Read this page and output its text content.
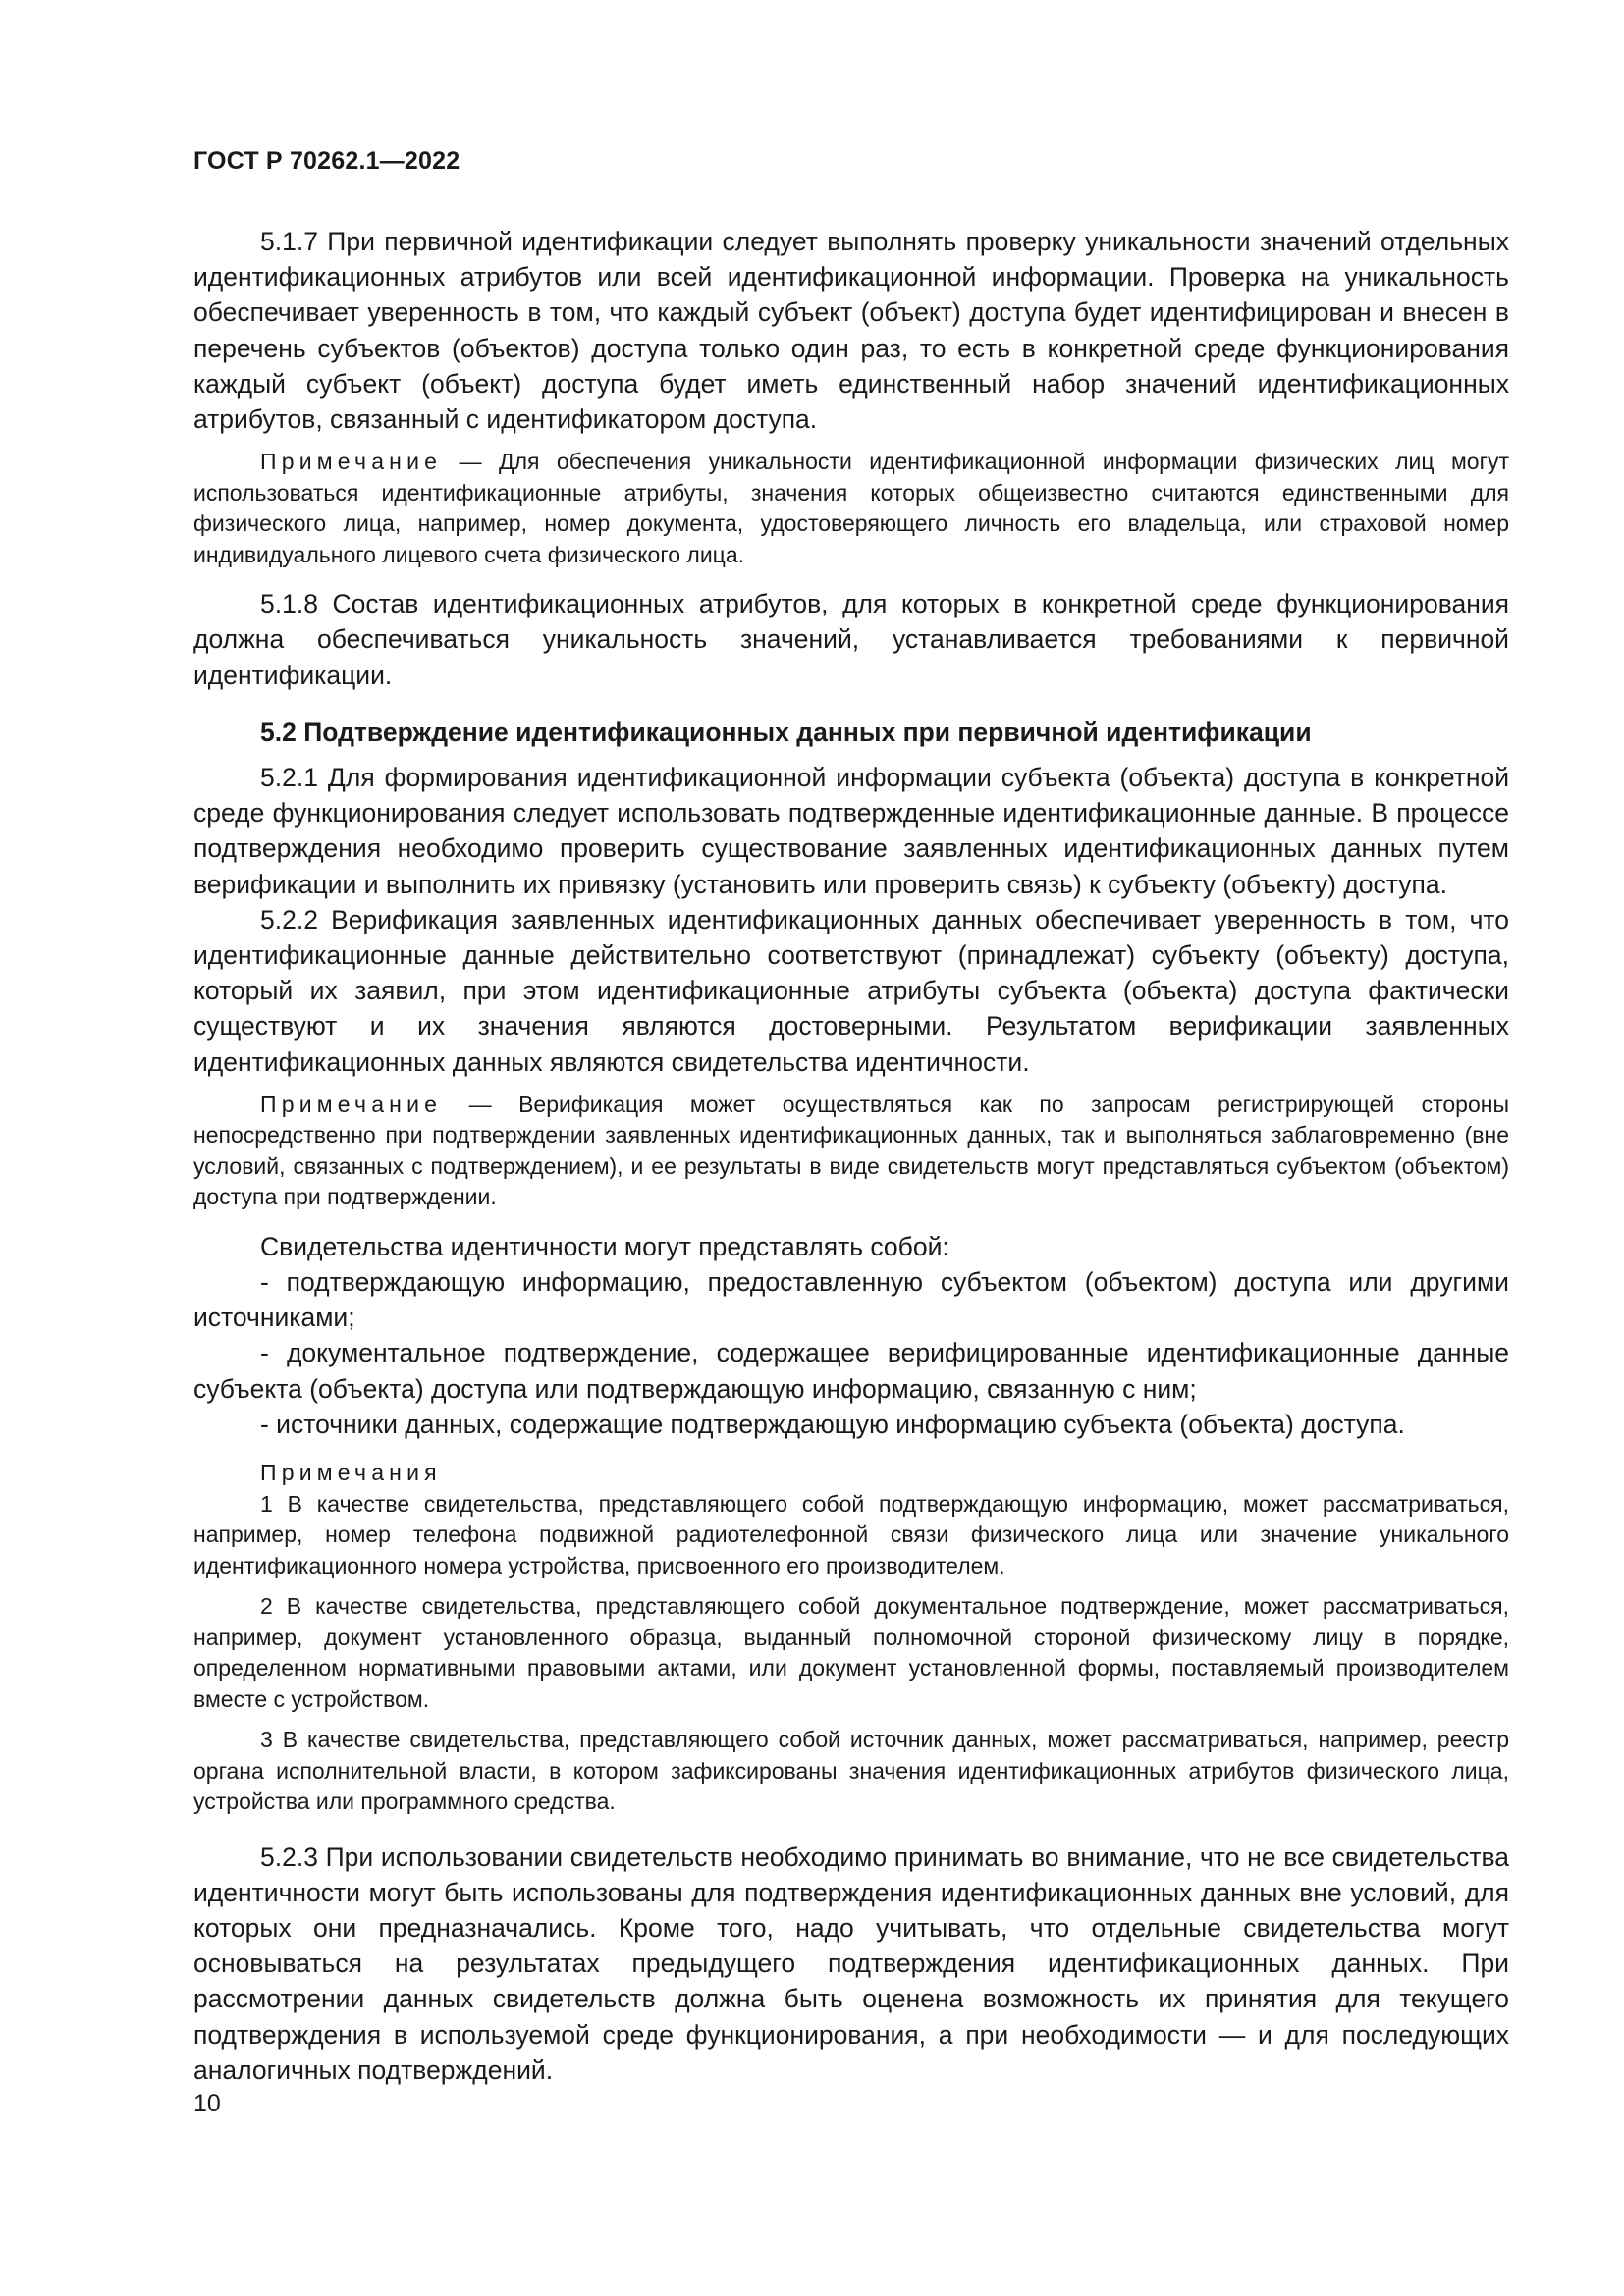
ГОСТ Р 70262.1—2022

5.1.7 При первичной идентификации следует выполнять проверку уникальности значений отдельных идентификационных атрибутов или всей идентификационной информации. Проверка на уникальность обеспечивает уверенность в том, что каждый субъект (объект) доступа будет идентифицирован и внесен в перечень субъектов (объектов) доступа только один раз, то есть в конкретной среде функционирования каждый субъект (объект) доступа будет иметь единственный набор значений идентификационных атрибутов, связанный с идентификатором доступа.

Примечание — Для обеспечения уникальности идентификационной информации физических лиц могут использоваться идентификационные атрибуты, значения которых общеизвестно считаются единственными для физического лица, например, номер документа, удостоверяющего личность его владельца, или страховой номер индивидуального лицевого счета физического лица.

5.1.8 Состав идентификационных атрибутов, для которых в конкретной среде функционирования должна обеспечиваться уникальность значений, устанавливается требованиями к первичной идентификации.

5.2 Подтверждение идентификационных данных при первичной идентификации

5.2.1 Для формирования идентификационной информации субъекта (объекта) доступа в конкретной среде функционирования следует использовать подтвержденные идентификационные данные. В процессе подтверждения необходимо проверить существование заявленных идентификационных данных путем верификации и выполнить их привязку (установить или проверить связь) к субъекту (объекту) доступа.

5.2.2 Верификация заявленных идентификационных данных обеспечивает уверенность в том, что идентификационные данные действительно соответствуют (принадлежат) субъекту (объекту) доступа, который их заявил, при этом идентификационные атрибуты субъекта (объекта) доступа фактически существуют и их значения являются достоверными. Результатом верификации заявленных идентификационных данных являются свидетельства идентичности.

Примечание — Верификация может осуществляться как по запросам регистрирующей стороны непосредственно при подтверждении заявленных идентификационных данных, так и выполняться заблаговременно (вне условий, связанных с подтверждением), и ее результаты в виде свидетельств могут представляться субъектом (объектом) доступа при подтверждении.

Свидетельства идентичности могут представлять собой:

- подтверждающую информацию, предоставленную субъектом (объектом) доступа или другими источниками;

- документальное подтверждение, содержащее верифицированные идентификационные данные субъекта (объекта) доступа или подтверждающую информацию, связанную с ним;

- источники данных, содержащие подтверждающую информацию субъекта (объекта) доступа.

Примечания

1 В качестве свидетельства, представляющего собой подтверждающую информацию, может рассматриваться, например, номер телефона подвижной радиотелефонной связи физического лица или значение уникального идентификационного номера устройства, присвоенного его производителем.

2 В качестве свидетельства, представляющего собой документальное подтверждение, может рассматриваться, например, документ установленного образца, выданный полномочной стороной физическому лицу в порядке, определенном нормативными правовыми актами, или документ установленной формы, поставляемый производителем вместе с устройством.

3 В качестве свидетельства, представляющего собой источник данных, может рассматриваться, например, реестр органа исполнительной власти, в котором зафиксированы значения идентификационных атрибутов физического лица, устройства или программного средства.

5.2.3 При использовании свидетельств необходимо принимать во внимание, что не все свидетельства идентичности могут быть использованы для подтверждения идентификационных данных вне условий, для которых они предназначались. Кроме того, надо учитывать, что отдельные свидетельства могут основываться на результатах предыдущего подтверждения идентификационных данных. При рассмотрении данных свидетельств должна быть оценена возможность их принятия для текущего подтверждения в используемой среде функционирования, а при необходимости — и для последующих аналогичных подтверждений.

10
